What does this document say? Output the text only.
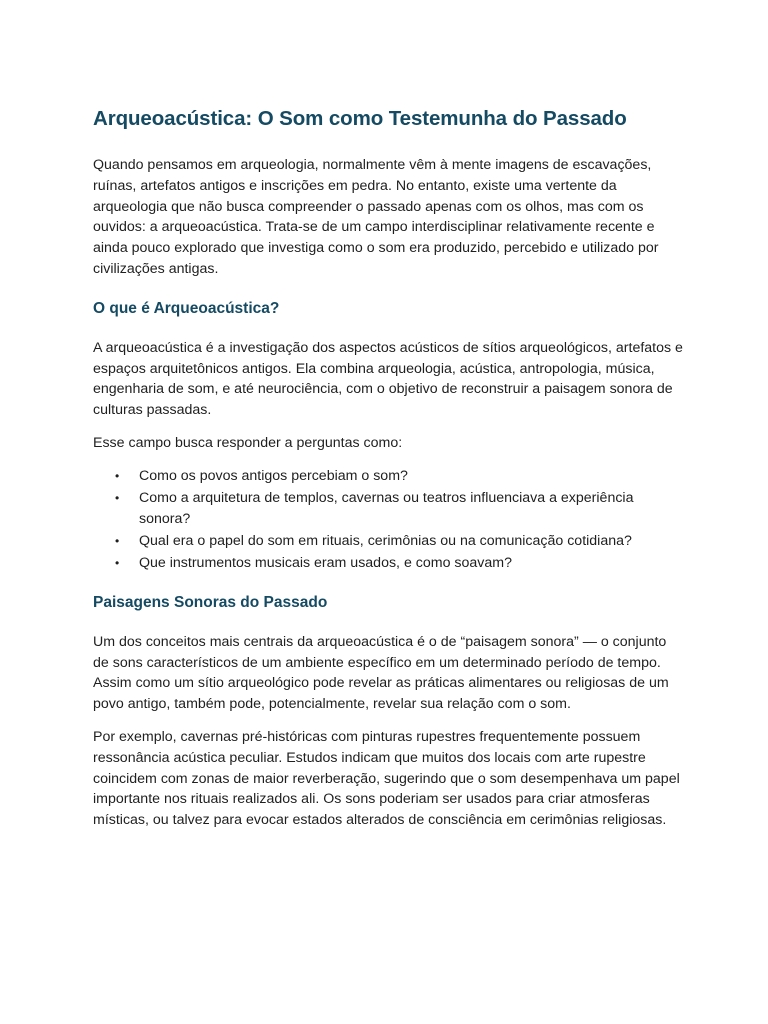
Arqueoacústica: O Som como Testemunha do Passado

Quando pensamos em arqueologia, normalmente vêm à mente imagens de escavações, ruínas, artefatos antigos e inscrições em pedra. No entanto, existe uma vertente da arqueologia que não busca compreender o passado apenas com os olhos, mas com os ouvidos: a arqueoacústica. Trata-se de um campo interdisciplinar relativamente recente e ainda pouco explorado que investiga como o som era produzido, percebido e utilizado por civilizações antigas.

O que é Arqueoacústica?

A arqueoacústica é a investigação dos aspectos acústicos de sítios arqueológicos, artefatos e espaços arquitetônicos antigos. Ela combina arqueologia, acústica, antropologia, música, engenharia de som, e até neurociência, com o objetivo de reconstruir a paisagem sonora de culturas passadas.

Esse campo busca responder a perguntas como:

• Como os povos antigos percebiam o som?
• Como a arquitetura de templos, cavernas ou teatros influenciava a experiência sonora?
• Qual era o papel do som em rituais, cerimônias ou na comunicação cotidiana?
• Que instrumentos musicais eram usados, e como soavam?
Paisagens Sonoras do Passado

Um dos conceitos mais centrais da arqueoacústica é o de “paisagem sonora” — o conjunto de sons característicos de um ambiente específico em um determinado período de tempo. Assim como um sítio arqueológico pode revelar as práticas alimentares ou religiosas de um povo antigo, também pode, potencialmente, revelar sua relação com o som.

Por exemplo, cavernas pré-históricas com pinturas rupestres frequentemente possuem ressonância acústica peculiar. Estudos indicam que muitos dos locais com arte rupestre coincidem com zonas de maior reverberação, sugerindo que o som desempenhava um papel importante nos rituais realizados ali. Os sons poderiam ser usados para criar atmosferas místicas, ou talvez para evocar estados alterados de consciência em cerimônias religiosas.
